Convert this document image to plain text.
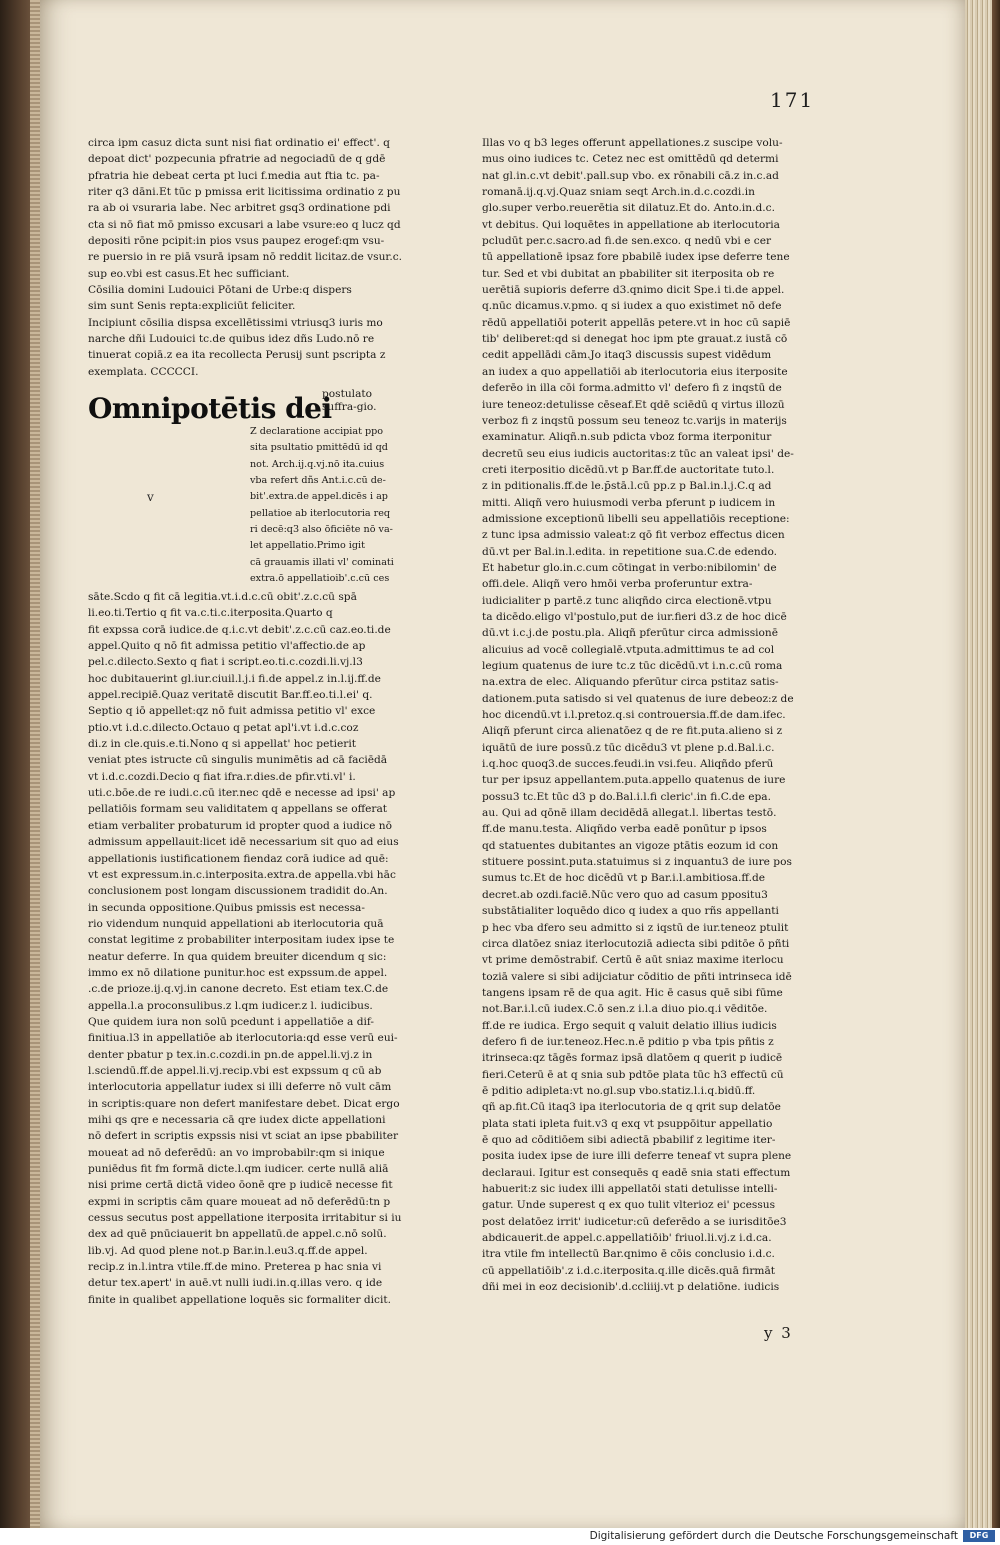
171
circa ipm casuz dicta sunt nisi fiat ordinatio ei' effect'. q
depoat dict' pozpecunia pfratrie ad negociadū de q gdē
pfratria hie debeat certa pt luci f.media aut ftia tc. pa-
riter q3 dāni.Et tūc p pmissa erit licitissima ordinatio z pu
ra ab oi vsuraria labe. Nec arbitret gsq3 ordinatione pdi
cta si nō fiat mō pmisso excusari a labe vsure:eo q lucz qd
depositi rōne pcipit:in pios vsus paupez erogef:qm vsu-
re puersio in re piā vsurā ipsam nō reddit licitaz.de vsur.c.
sup eo.vbi est casus.Et hec sufficiant.
Cōsilia domini Ludouici Pōtani de Urbe:q dispers
sim sunt Senis repta:expliciūt feliciter.
Incipiunt cōsilia dispsa excellētissimi vtriusq3 iuris mo
narche dñi Ludouici tc.de quibus idez dñs Ludo.nō re
tinuerat copiā.z ea ita recollecta Perusij sunt pscripta z
exemplata. CCCCCI.
Omnipotētis dei
postulato suffra-gio.
v
Z declaratione accipiat ppo
sita psultatio pmittēdū id qd
not. Arch.ij.q.vj.nō ita.cuius
vba refert dñs Ant.i.c.cū de-
bit'.extra.de appel.dicēs i ap
pellatioe ab iterlocutoria req
ri decē:q3 also ōficiēte nō va-
let appellatio.Primo igit
cā grauamis illati vl' cominati
extra.ō appellatioib'.c.cū ces
sāte.Scdo q fit cā legitia.vt.i.d.c.cū obit'.z.c.cū spā
li.eo.ti.Tertio q fit va.c.ti.c.iterposita.Quarto q
fit expssa corā iudice.de q.i.c.vt debit'.z.c.cū caz.eo.ti.de
appel.Quito q nō fit admissa petitio vl'affectio.de ap
pel.c.dilecto.Sexto q fiat i script.eo.ti.c.cozdi.li.vj.l3
hoc dubitauerint gl.iur.ciuil.l.j.i fi.de appel.z in.l.ij.ff.de
appel.recipiē.Quaz veritatē discutit Bar.ff.eo.ti.l.ei' q.
Septio q iō appellet:qz nō fuit admissa petitio vl' exce
ptio.vt i.d.c.dilecto.Octauo q petat apl'i.vt i.d.c.coz
di.z in cle.quis.e.ti.Nono q si appellat' hoc petierit
veniat ptes istructe cū singulis munimētis ad cā faciēdā
vt i.d.c.cozdi.Decio q fiat ifra.r.dies.de pfir.vti.vl' i.
uti.c.bōe.de re iudi.c.cū iter.nec qdē e necesse ad ipsi' ap
pellatiōis formam seu validitatem q appellans se offerat
etiam verbaliter probaturum id propter quod a iudice nō
admissum appellauit:licet idē necessarium sit quo ad eius
appellationis iustificationem fiendaz corā iudice ad quē:
vt est expressum.in.c.interposita.extra.de appella.vbi hāc
conclusionem post longam discussionem tradidit do.An.
in secunda oppositione.Quibus pmissis est necessa-
rio videndum nunquid appellationi ab iterlocutoria quā
constat legitime z probabiliter interpositam iudex ipse te
neatur deferre. In qua quidem breuiter dicendum q sic:
immo ex nō dilatione punitur.hoc est expssum.de appel.
.c.de prioze.ij.q.vj.in canone decreto. Est etiam tex.C.de
appella.l.a proconsulibus.z l.qm iudicer.z l. iudicibus.
Que quidem iura non solū pcedunt i appellatiōe a dif-
finitiua.l3 in appellatiōe ab iterlocutoria:qd esse verū eui-
denter pbatur p tex.in.c.cozdi.in pn.de appel.li.vj.z in
l.sciendū.ff.de appel.li.vj.recip.vbi est expssum q cū ab
interlocutoria appellatur iudex si illi deferre nō vult cām
in scriptis:quare non defert manifestare debet. Dicat ergo
mihi qs qre e necessaria cā qre iudex dicte appellationi
nō defert in scriptis expssis nisi vt sciat an ipse pbabiliter
moueat ad nō deferēdū: an vo improbabilr:qm si inique
puniēdus fit fm formā dicte.l.qm iudicer. certe nullā aliā
nisi prime certā dictā video ōonē qre p iudicē necesse fit
expmi in scriptis cām quare moueat ad nō deferēdū:tn p
cessus secutus post appellatione iterposita irritabitur si iu
dex ad quē pnūciauerit bn appellatū.de appel.c.nō solū.
lib.vj. Ad quod plene not.p Bar.in.l.eu3.q.ff.de appel.
recip.z in.l.intra vtile.ff.de mino. Preterea p hac snia vi
detur tex.apert' in auē.vt nulli iudi.in.q.illas vero. q ide
finite in qualibet appellatione loquēs sic formaliter dicit.
Illas vo q b3 leges offerunt appellationes.z suscipe volu-
mus oino iudices tc. Cetez nec est omittēdū qd determi
nat gl.in.c.vt debit'.pall.sup vbo. ex rōnabili cā.z in.c.ad
romanā.ij.q.vj.Quaz sniam seqt Arch.in.d.c.cozdi.in
glo.super verbo.reuerētia sit dilatuz.Et do. Anto.in.d.c.
vt debitus. Qui loquētes in appellatione ab iterlocutoria
pcludūt per.c.sacro.ad fi.de sen.exco. q nedū vbi e cer
tū appellationē ipsaz fore pbabilē iudex ipse deferre tene
tur. Sed et vbi dubitat an pbabiliter sit iterposita ob re
uerētiā supioris deferre d3.qnimo dicit Spe.i ti.de appel.
q.nūc dicamus.v.pmo. q si iudex a quo existimet nō defe
rēdū appellatiōi poterit appellās petere.vt in hoc cū sapiē
tib' deliberet:qd si denegat hoc ipm pte grauat.z iustā cō
cedit appellādi cām.Jo itaq3 discussis supest vidēdum
an iudex a quo appellatiōi ab iterlocutoria eius iterposite
deferēo in illa cōi forma.admitto vl' defero fi z inqstū de
iure teneoz:detulisse cēseaf.Et qdē sciēdū q virtus illozū
verboz fi z inqstū possum seu teneoz tc.varijs in materijs
examinatur. Aliqñ.n.sub pdicta vboz forma iterponitur
decretū seu eius iudicis auctoritas:z tūc an valeat ipsi' de-
creti iterpositio dicēdū.vt p Bar.ff.de auctoritate tuto.l.
z in pditionalis.ff.de le.p̄stā.l.cū pp.z p Bal.in.l.j.C.q ad
mitti. Aliqñ vero huiusmodi verba pferunt p iudicem in
admissione exceptionū libelli seu appellatiōis receptione:
z tunc ipsa admissio valeat:z qō fit verboz effectus dicen
dū.vt per Bal.in.l.edita. in repetitione sua.C.de edendo.
Et habetur glo.in.c.cum cōtingat in verbo:nibilomin' de
offi.dele. Aliqñ vero hmōi verba proferuntur extra-
iudicialiter p partē.z tunc aliqñdo circa electionē.vtpu
ta dicēdo.eligo vl'postulo,put de iur.fieri d3.z de hoc dicē
dū.vt i.c.j.de postu.pla. Aliqñ pferūtur circa admissionē
alicuius ad vocē collegialē.vtputa.admittimus te ad col
legium quatenus de iure tc.z tūc dicēdū.vt i.n.c.cū roma
na.extra de elec. Aliquando pferūtur circa pstitaz satis-
dationem.puta satisdo si vel quatenus de iure debeoz:z de
hoc dicendū.vt i.l.pretoz.q.si controuersia.ff.de dam.ifec.
Aliqñ pferunt circa alienatōez q de re fit.puta.alieno si z
iquātū de iure possū.z tūc dicēdu3 vt plene p.d.Bal.i.c.
i.q.hoc quoq3.de succes.feudi.in vsi.feu. Aliqñdo pferū
tur per ipsuz appellantem.puta.appello quatenus de iure
possu3 tc.Et tūc d3 p do.Bal.i.l.fi cleric'.in fi.C.de epa.
au. Qui ad qōnē illam decidēdā allegat.l. libertas testō.
ff.de manu.testa. Aliqñdo verba eadē ponūtur p ipsos
qd statuentes dubitantes an vigoze ptātis eozum id con
stituere possint.puta.statuimus si z inquantu3 de iure pos
sumus tc.Et de hoc dicēdū vt p Bar.i.l.ambitiosa.ff.de
decret.ab ozdi.faciē.Nūc vero quo ad casum ppositu3
substātialiter loquēdo dico q iudex a quo rñs appellanti
p hec vba dfero seu admitto si z iqstū de iur.teneoz ptulit
circa dlatōez sniaz iterlocutoziā adiecta sibi pditōe ō pñti
vt prime demōstrabif. Certū ē aūt sniaz maxime iterlocu
toziā valere si sibi adijciatur cōditio de pñti intrinseca idē
tangens ipsam rē de qua agit. Hic ē casus quē sibi fūme
not.Bar.i.l.cū iudex.C.ō sen.z i.l.a diuo pio.q.i vēditōe.
ff.de re iudica. Ergo sequit q valuit delatio illius iudicis
defero fi de iur.teneoz.Hec.n.ē pditio p vba tpis pñtis z
itrinseca:qz tāgēs formaz ipsā dlatōem q querit p iudicē
fieri.Ceterū ē at q snia sub pdtōe plata tūc h3 effectū cū
ē pditio adipleta:vt no.gl.sup vbo.statiz.l.i.q.bidū.ff.
qñ ap.fit.Cū itaq3 ipa iterlocutoria de q qrit sup delatōe
plata stati ipleta fuit.v3 q exq vt psuppōitur appellatio
ē quo ad cōditiōem sibi adiectā pbabilif z legitime iter-
posita iudex ipse de iure illi deferre teneaf vt supra plene
declaraui. Igitur est consequēs q eadē snia stati effectum
habuerit:z sic iudex illi appellatōi stati detulisse intelli-
gatur. Unde superest q ex quo tulit vlterioz ei' pcessus
post delatōez irrit' iudicetur:cū deferēdo a se iurisditōe3
abdicauerit.de appel.c.appellatiōib' friuol.li.vj.z i.d.ca.
itra vtile fm intellectū Bar.qnimo ē cōis conclusio i.d.c.
cū appellatiōib'.z i.d.c.iterposita.q.ille dicēs.quā firmāt
dñi mei in eoz decisionib'.d.ccliiij.vt p delatiōne. iudicis
y 3
Digitalisierung gefördert durch die Deutsche Forschungsgemeinschaft	DFG
